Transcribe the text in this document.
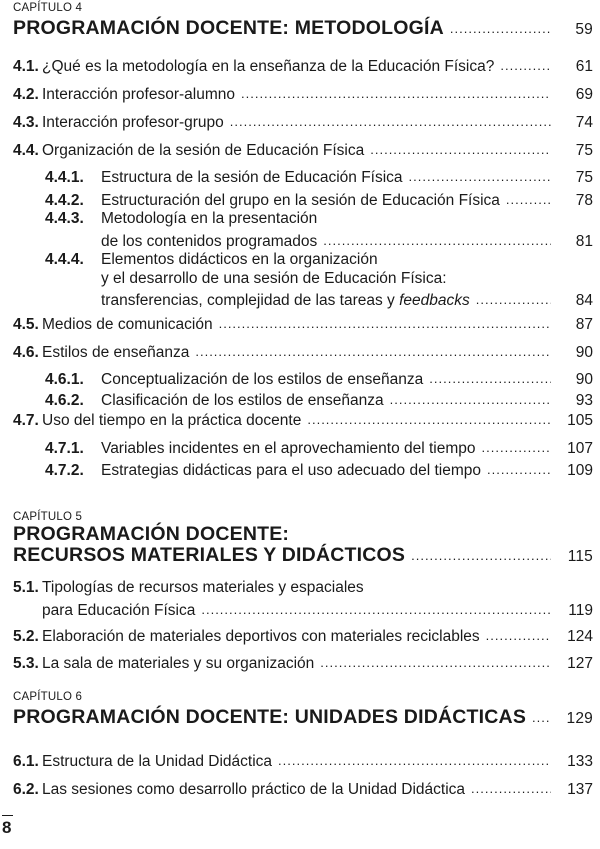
CAPÍTULO 4
PROGRAMACIÓN DOCENTE: METODOLOGÍA .....	59
4.1. ¿Qué es la metodología en la enseñanza de la Educación Física? .....	61
4.2. Interacción profesor-alumno .....	69
4.3. Interacción profesor-grupo .....	74
4.4. Organización de la sesión de Educación Física .....	75
4.4.1.	Estructura de la sesión de Educación Física .....	75
4.4.2.	Estructuración del grupo en la sesión de Educación Física .....	78
4.4.3.	Metodología en la presentación
de los contenidos programados .....	81
4.4.4.	Elementos didácticos en la organización
y el desarrollo de una sesión de Educación Física:
transferencias, complejidad de las tareas y feedbacks .....	84
4.5. Medios de comunicación .....	87
4.6. Estilos de enseñanza .....	90
4.6.1.	Conceptualización de los estilos de enseñanza .....	90
4.6.2.	Clasificación de los estilos de enseñanza .....	93
4.7. Uso del tiempo en la práctica docente .....	105
4.7.1.	Variables incidentes en el aprovechamiento del tiempo .....	107
4.7.2.	Estrategias didácticas para el uso adecuado del tiempo .....	109
CAPÍTULO 5
PROGRAMACIÓN DOCENTE:
RECURSOS MATERIALES Y DIDÁCTICOS .....	115
5.1. Tipologías de recursos materiales y espaciales
para Educación Física .....	119
5.2. Elaboración de materiales deportivos con materiales reciclables .....	124
5.3. La sala de materiales y su organización .....	127
CAPÍTULO 6
PROGRAMACIÓN DOCENTE: UNIDADES DIDÁCTICAS .....	129
6.1. Estructura de la Unidad Didáctica .....	133
6.2. Las sesiones como desarrollo práctico de la Unidad Didáctica .....	137
8
